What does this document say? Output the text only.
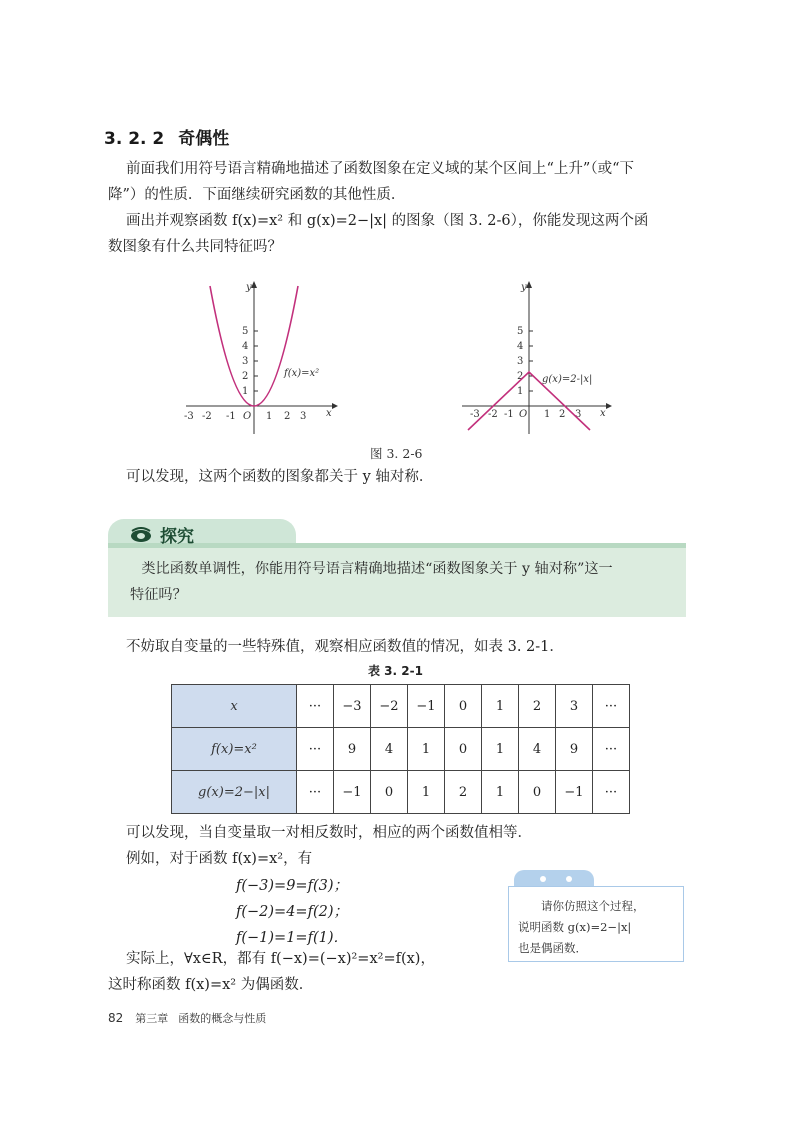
3. 2. 2 奇偶性
前面我们用符号语言精确地描述了函数图象在定义域的某个区间上“上升”（或“下
降”）的性质．下面继续研究函数的其他性质．
画出并观察函数 f(x)=x² 和 g(x)=2−|x| 的图象（图 3. 2-6），你能发现这两个函
数图象有什么共同特征吗？
y
1
2
3
4
5
-3 -2 -1 O 1 2 3 x
f(x)=x²
y
1
2
3
4
5
-3 -2 -1 O 1 2 3 x
g(x)=2-|x|
图 3. 2-6
可以发现，这两个函数的图象都关于 y 轴对称．
探究
类比函数单调性，你能用符号语言精确地描述“函数图象关于 y 轴对称”这一
特征吗？
不妨取自变量的一些特殊值，观察相应函数值的情况，如表 3. 2-1．
表 3. 2-1
x	···	−3	−2	−1	0	1	2	3	···
f(x)=x²	···	9	4	1	0	1	4	9	···
g(x)=2−|x|	···	−1	0	1	2	1	0	−1	···
可以发现，当自变量取一对相反数时，相应的两个函数值相等．
例如，对于函数 f(x)=x²，有
f(−3)=9=f(3)；
f(−2)=4=f(2)；
f(−1)=1=f(1)．
实际上，∀x∈R，都有 f(−x)=(−x)²=x²=f(x)，
这时称函数 f(x)=x² 为偶函数．
请你仿照这个过程，
说明函数 g(x)=2−|x|
也是偶函数．
82 第三章 函数的概念与性质
